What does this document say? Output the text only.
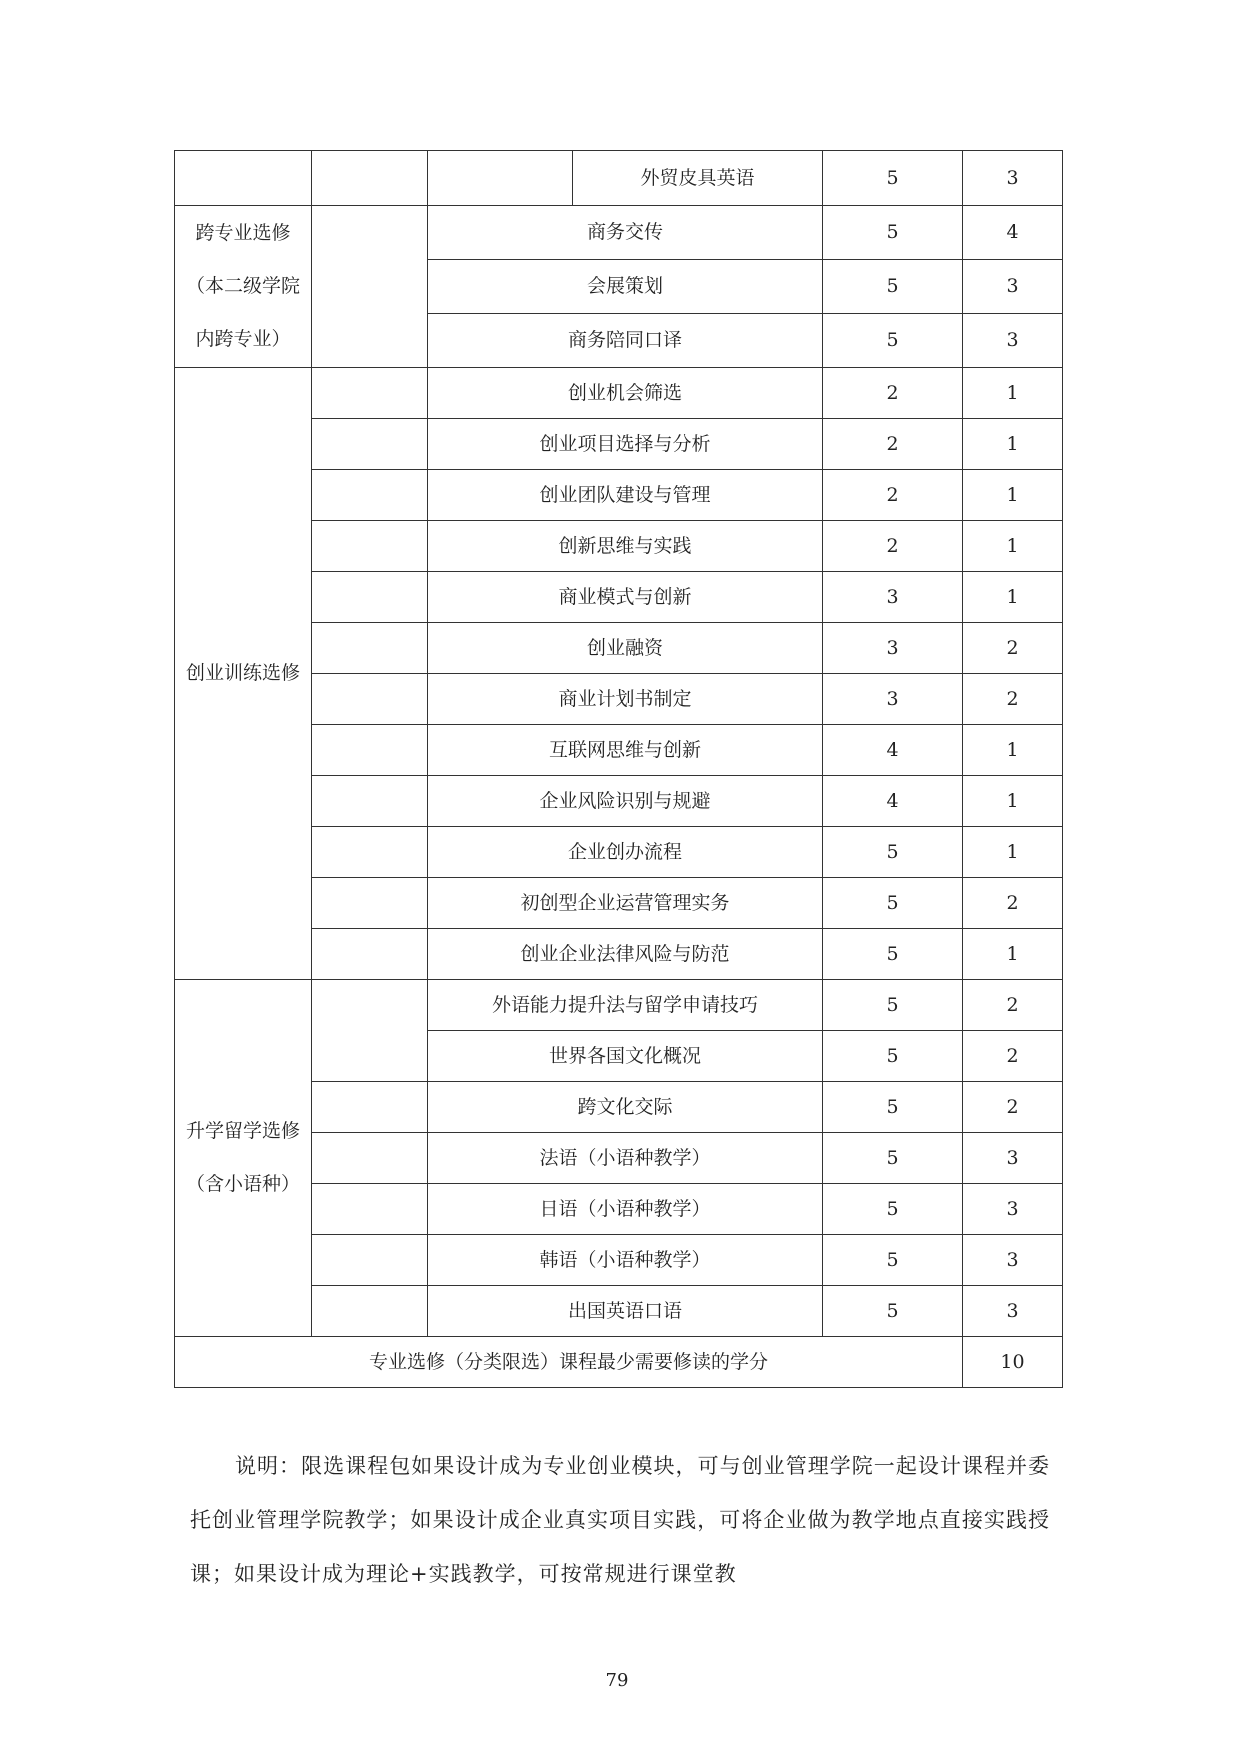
			外贸皮具英语	5	3

跨专业选修
（本二级学院
内跨专业）		商务交传		5	4
		会展策划		5	3
		商务陪同口译		5	3
创业训练选修		创业机会筛选		2	1
		创业项目选择与分析		2	1
		创业团队建设与管理		2	1
		创新思维与实践		2	1
		商业模式与创新		3	1
		创业融资		3	2
		商业计划书制定		3	2
		互联网思维与创新		4	1
		企业风险识别与规避		4	1
		企业创办流程		5	1
		初创型企业运营管理实务		5	2
		创业企业法律风险与防范		5	1

升学留学选修
（含小语种）		外语能力提升法与留学申请技巧		5	2
		世界各国文化概况		5	2
		跨文化交际		5	2
		法语（小语种教学）		5	3
		日语（小语种教学）		5	3
		韩语（小语种教学）		5	3
		出国英语口语		5	3
专业选修（分类限选）课程最少需要修读的学分					10
说明：限选课程包如果设计成为专业创业模块，可与创业管理学院一起设计课程并委托创业管理学院教学；如果设计成企业真实项目实践，可将企业做为教学地点直接实践授课；如果设计成为理论+实践教学，可按常规进行课堂教
79
